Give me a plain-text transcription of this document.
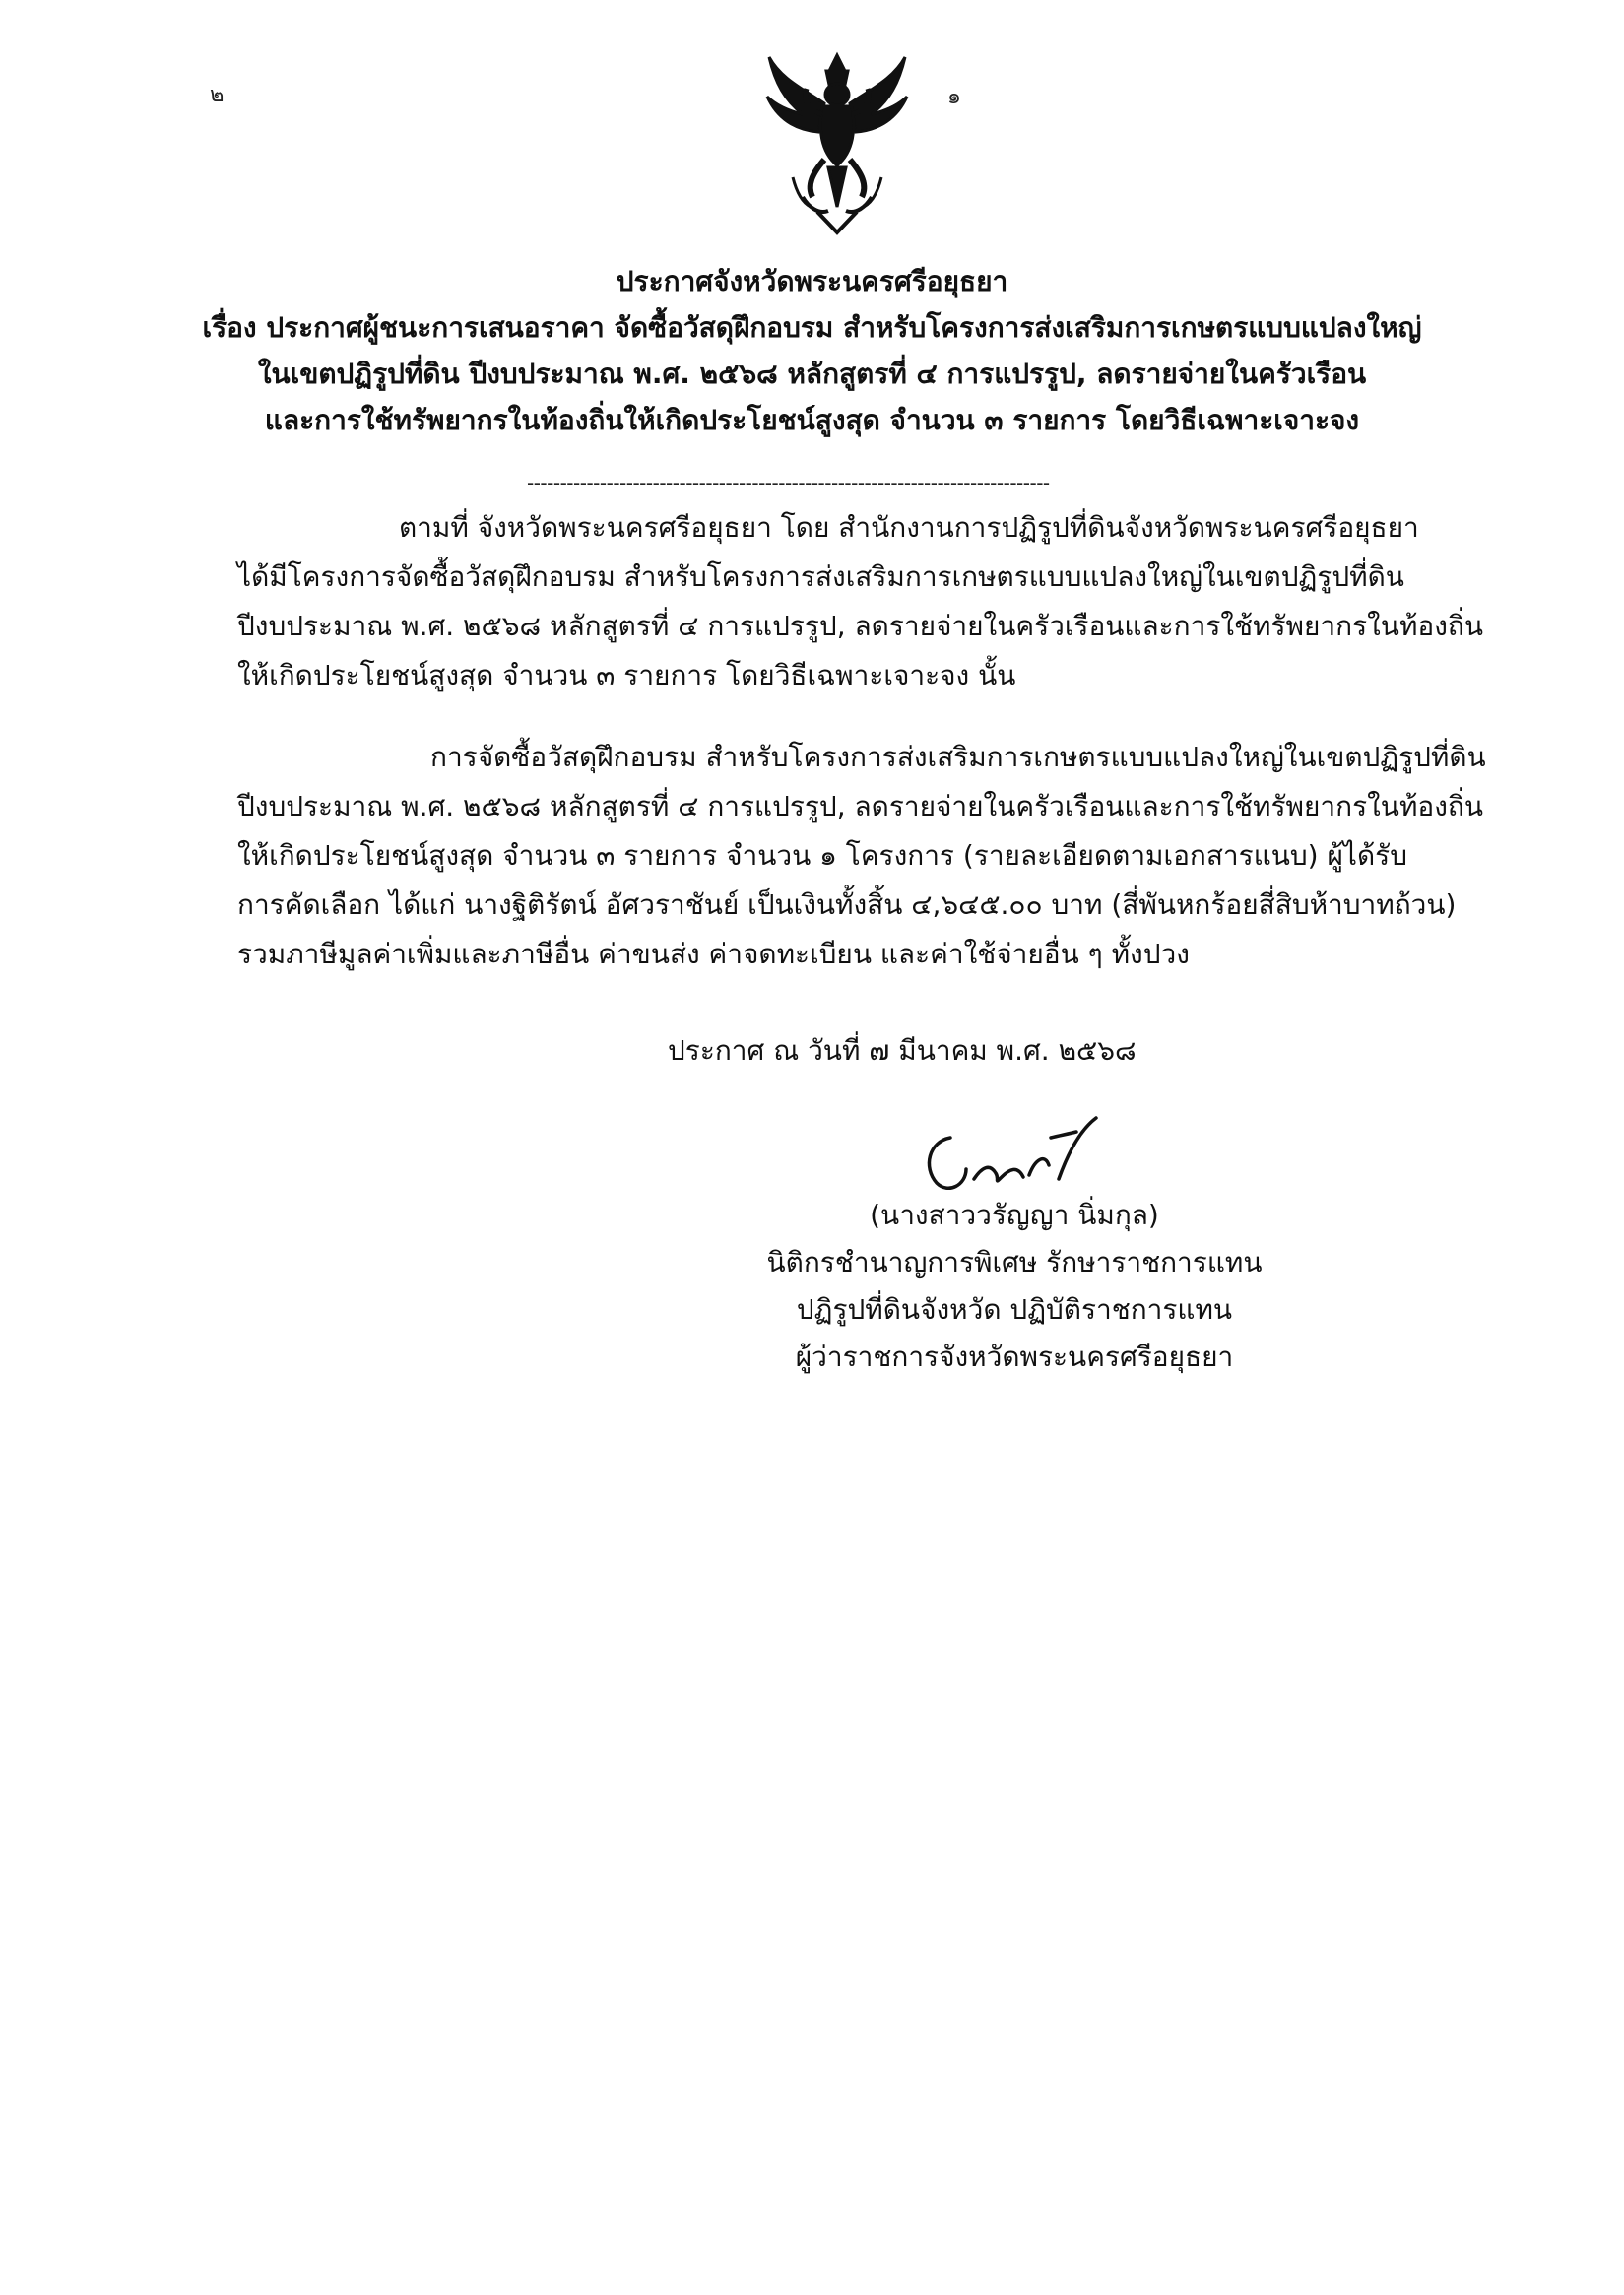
๒	๑
ประกาศจังหวัดพระนครศรีอยุธยา
เรื่อง ประกาศผู้ชนะการเสนอราคา จัดซื้อวัสดุฝึกอบรม สำหรับโครงการส่งเสริมการเกษตรแบบแปลงใหญ่
ในเขตปฏิรูปที่ดิน ปีงบประมาณ พ.ศ. ๒๕๖๘ หลักสูตรที่ ๔ การแปรรูป, ลดรายจ่ายในครัวเรือน
และการใช้ทรัพยากรในท้องถิ่นให้เกิดประโยชน์สูงสุด จำนวน ๓ รายการ โดยวิธีเฉพาะเจาะจง
-------------------------------------------------------------------------------
ตามที่ จังหวัดพระนครศรีอยุธยา โดย สำนักงานการปฏิรูปที่ดินจังหวัดพระนครศรีอยุธยา
ได้มีโครงการจัดซื้อวัสดุฝึกอบรม สำหรับโครงการส่งเสริมการเกษตรแบบแปลงใหญ่ในเขตปฏิรูปที่ดิน
ปีงบประมาณ พ.ศ. ๒๕๖๘ หลักสูตรที่ ๔ การแปรรูป, ลดรายจ่ายในครัวเรือนและการใช้ทรัพยากรในท้องถิ่น
ให้เกิดประโยชน์สูงสุด จำนวน ๓ รายการ โดยวิธีเฉพาะเจาะจง นั้น
การจัดซื้อวัสดุฝึกอบรม สำหรับโครงการส่งเสริมการเกษตรแบบแปลงใหญ่ในเขตปฏิรูปที่ดิน
ปีงบประมาณ พ.ศ. ๒๕๖๘ หลักสูตรที่ ๔ การแปรรูป, ลดรายจ่ายในครัวเรือนและการใช้ทรัพยากรในท้องถิ่น
ให้เกิดประโยชน์สูงสุด จำนวน ๓ รายการ จำนวน ๑ โครงการ (รายละเอียดตามเอกสารแนบ) ผู้ได้รับ
การคัดเลือก ได้แก่ นางฐิติรัตน์ อัศวราชันย์ เป็นเงินทั้งสิ้น ๔,๖๔๕.๐๐ บาท (สี่พันหกร้อยสี่สิบห้าบาทถ้วน)
รวมภาษีมูลค่าเพิ่มและภาษีอื่น ค่าขนส่ง ค่าจดทะเบียน และค่าใช้จ่ายอื่น ๆ ทั้งปวง
ประกาศ ณ วันที่ ๗ มีนาคม พ.ศ. ๒๕๖๘
(นางสาววรัญญา นิ่มกุล)
นิติกรชำนาญการพิเศษ รักษาราชการแทน
ปฏิรูปที่ดินจังหวัด ปฏิบัติราชการแทน
ผู้ว่าราชการจังหวัดพระนครศรีอยุธยา
